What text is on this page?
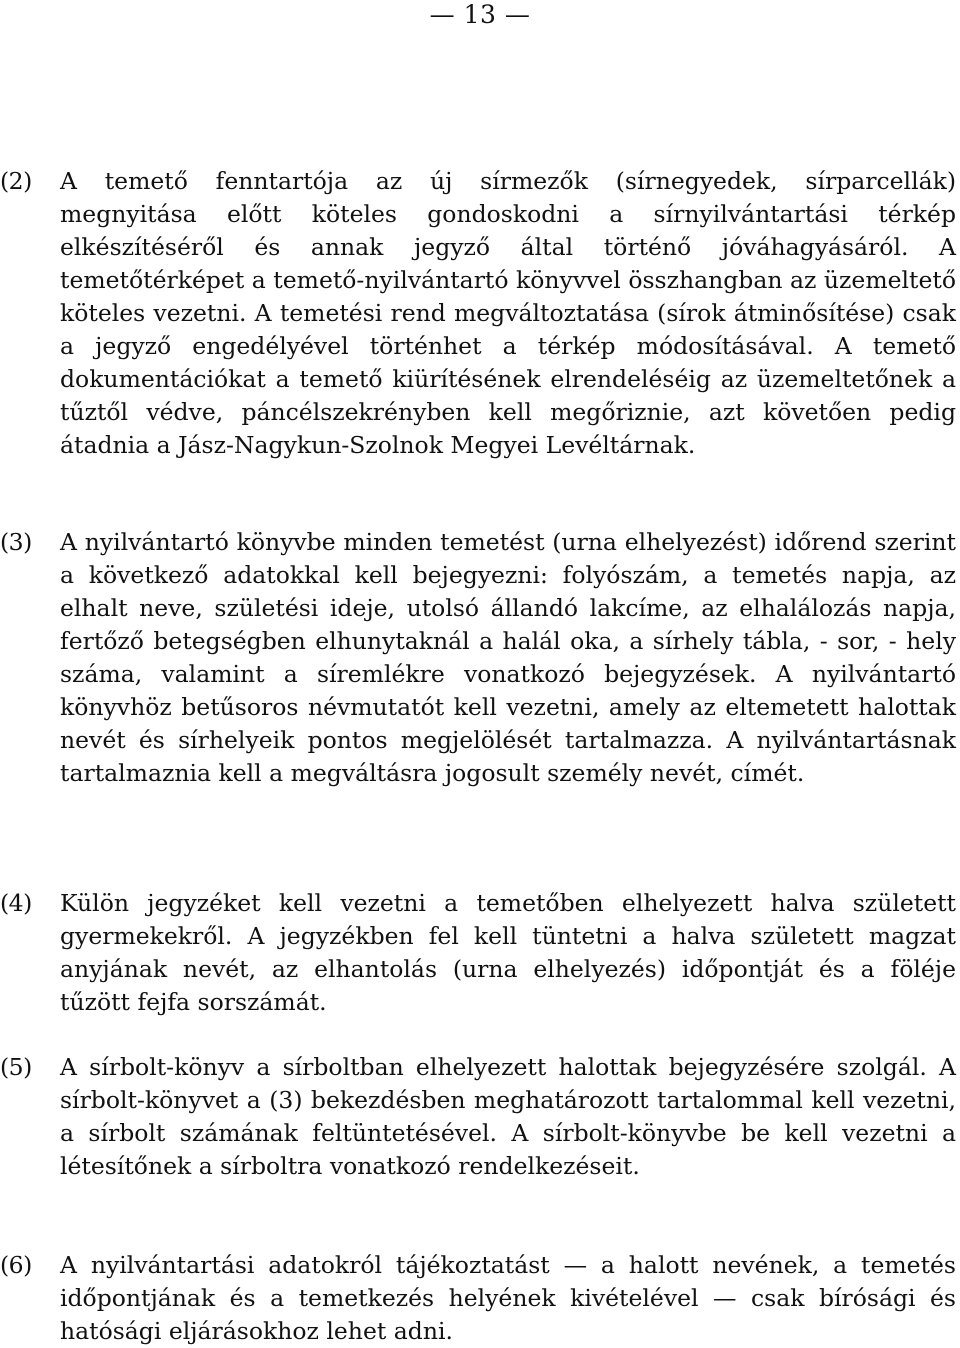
— 13 —
(2)	A temető fenntartója az új sírmezők (sírnegyedek, sírparcellák) megnyitása előtt köteles gondoskodni a sírnyilvántartási térkép elkészítéséről és annak jegyző által történő jóváhagyásáról. A temetőtérképet a temető-nyilvántartó könyvvel összhangban az üzemeltető köteles vezetni. A temetési rend megváltoztatása (sírok átminősítése) csak a jegyző engedélyével történhet a térkép módosításával. A temető dokumentációkat a temető kiürítésének elrendeléséig az üzemeltetőnek a tűztől védve, páncélszekrényben kell megőriznie, azt követően pedig átadnia a Jász-Nagykun-Szolnok Megyei Levéltárnak.
(3)	A nyilvántartó könyvbe minden temetést (urna elhelyezést) időrend szerint a következő adatokkal kell bejegyezni: folyószám, a temetés napja, az elhalt neve, születési ideje, utolsó állandó lakcíme, az elhalálozás napja, fertőző betegségben elhunytaknál a halál oka, a sírhely tábla, - sor, - hely száma, valamint a síremlékre vonatkozó bejegyzések. A nyilvántartó könyvhöz betűsoros névmutatót kell vezetni, amely az eltemetett halottak nevét és sírhelyeik pontos megjelölését tartalmazza. A nyilvántartásnak tartalmaznia kell a megváltásra jogosult személy nevét, címét.
(4)	Külön jegyzéket kell vezetni a temetőben elhelyezett halva született gyermekekről. A jegyzékben fel kell tüntetni a halva született magzat anyjának nevét, az elhantolás (urna elhelyezés) időpontját és a föléje tűzött fejfa sorszámát.
(5)	A sírbolt-könyv a sírboltban elhelyezett halottak bejegyzésére szolgál. A sírbolt-könyvet a (3) bekezdésben meghatározott tartalommal kell vezetni, a sírbolt számának feltüntetésével. A sírbolt-könyvbe be kell vezetni a létesítőnek a sírboltra vonatkozó rendelkezéseit.
(6)	A nyilvántartási adatokról tájékoztatást — a halott nevének, a temetés időpontjának és a temetkezés helyének kivételével — csak bírósági és hatósági eljárásokhoz lehet adni.
